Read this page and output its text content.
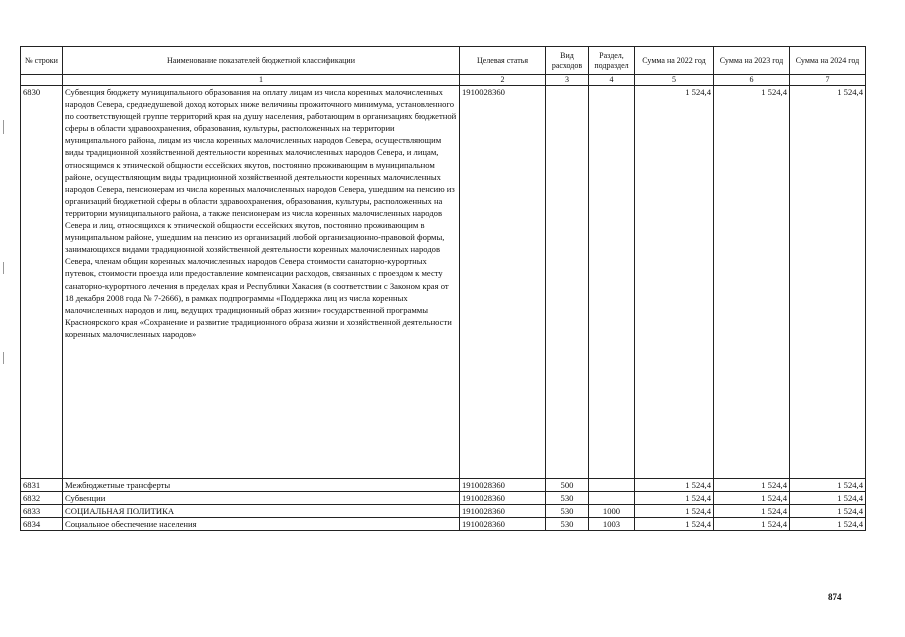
№ строки	Наименование показателей бюджетной классификации	Целевая статья	Вид расходов	Раздел, подраздел	Сумма на 2022 год	Сумма на 2023 год	Сумма на 2024 год
	1	2	3	4	5	6	7
6830	Субвенция бюджету муниципального образования на оплату лицам из числа коренных малочисленных народов Севера, среднедушевой доход которых ниже величины прожиточного минимума, установленного по соответствующей группе территорий края на душу населения, работающим в организациях бюджетной сферы в области здравоохранения, образования, культуры, расположенных на территории муниципального района, лицам из числа коренных малочисленных народов Севера, осуществляющим виды традиционной хозяйственной деятельности коренных малочисленных народов Севера, и лицам, относящимся к этнической общности ессейских якутов, постоянно проживающим в муниципальном районе, осуществляющим виды традиционной хозяйственной деятельности коренных малочисленных народов Севера, пенсионерам из числа коренных малочисленных народов Севера, ушедшим на пенсию из организаций бюджетной сферы в области здравоохранения, образования, культуры, расположенных на территории муниципального района, а также пенсионерам из числа коренных малочисленных народов Севера и лиц, относящихся к этнической общности ессейских якутов, постоянно проживающим в муниципальном районе, ушедшим на пенсию из организаций любой организационно-правовой формы, занимающихся видами традиционной хозяйственной деятельности коренных малочисленных народов Севера, членам общин коренных малочисленных народов Севера стоимости санаторно-курортных путевок, стоимости проезда или предоставление компенсации расходов, связанных с проездом к месту санаторно-курортного лечения в пределах края и Республики Хакасия (в соответствии с Законом края от 18 декабря 2008 года № 7-2666), в рамках подпрограммы «Поддержка лиц из числа коренных малочисленных народов и лиц, ведущих традиционный образ жизни» государственной программы Красноярского края «Сохранение и развитие традиционного образа жизни и хозяйственной деятельности коренных малочисленных народов»	1910028360			1 524,4	1 524,4	1 524,4
6831	Межбюджетные трансферты	1910028360	500		1 524,4	1 524,4	1 524,4
6832	Субвенции	1910028360	530		1 524,4	1 524,4	1 524,4
6833	СОЦИАЛЬНАЯ ПОЛИТИКА	1910028360	530	1000	1 524,4	1 524,4	1 524,4
6834	Социальное обеспечение населения	1910028360	530	1003	1 524,4	1 524,4	1 524,4
874
